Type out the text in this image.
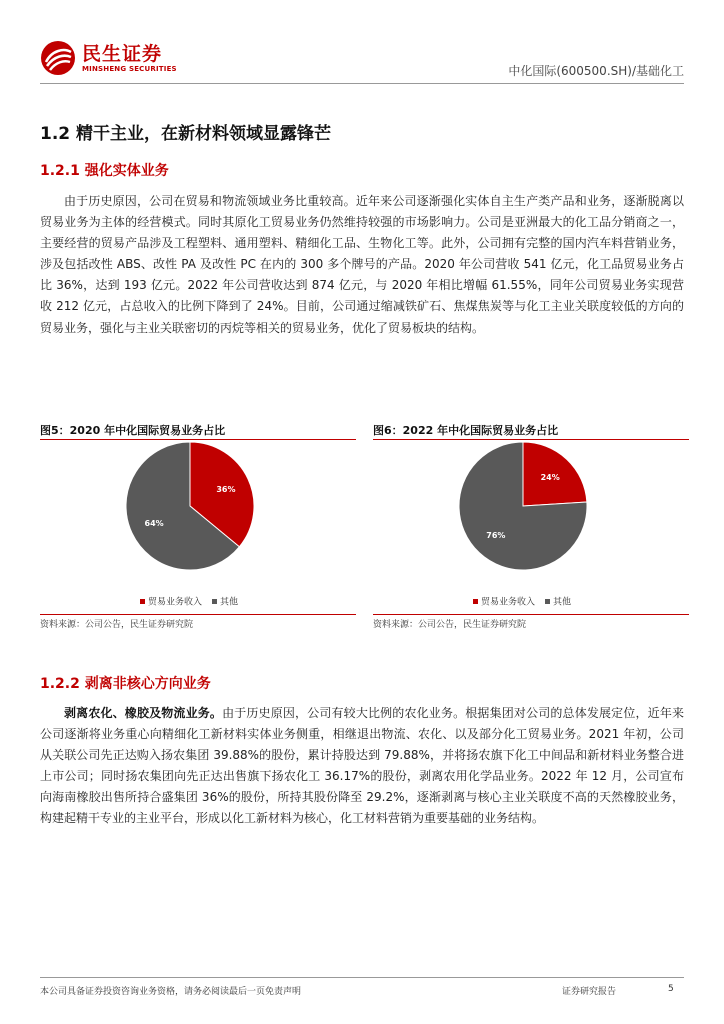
民生证券
MINSHENG SECURITIES	中化国际(600500.SH)/基础化工
1.2 精干主业，在新材料领域显露锋芒
1.2.1 强化实体业务
由于历史原因，公司在贸易和物流领域业务比重较高。近年来公司逐渐强化实体自主生产类产品和业务，逐渐脱离以贸易业务为主体的经营模式。同时其原化工贸易业务仍然维持较强的市场影响力。公司是亚洲最大的化工品分销商之一，主要经营的贸易产品涉及工程塑料、通用塑料、精细化工品、生物化工等。此外，公司拥有完整的国内汽车料营销业务，涉及包括改性 ABS、改性 PA 及改性 PC 在内的 300 多个牌号的产品。2020 年公司营收 541 亿元，化工品贸易业务占比 36%，达到 193 亿元。2022 年公司营收达到 874 亿元，与 2020 年相比增幅 61.55%，同年公司贸易业务实现营收 212 亿元，占总收入的比例下降到了 24%。目前，公司通过缩减铁矿石、焦煤焦炭等与化工主业关联度较低的方向的贸易业务，强化与主业关联密切的丙烷等相关的贸易业务，优化了贸易板块的结构。
图5：2020 年中化国际贸易业务占比
36%
64%
贸易业务收入 其他
资料来源：公司公告，民生证券研究院
图6：2022 年中化国际贸易业务占比
24%
76%
贸易业务收入 其他
资料来源：公司公告，民生证券研究院
1.2.2 剥离非核心方向业务
剥离农化、橡胶及物流业务。由于历史原因，公司有较大比例的农化业务。根据集团对公司的总体发展定位，近年来公司逐渐将业务重心向精细化工新材料实体业务侧重，相继退出物流、农化、以及部分化工贸易业务。2021 年初，公司从关联公司先正达购入扬农集团 39.88%的股份，累计持股达到 79.88%，并将扬农旗下化工中间品和新材料业务整合进上市公司；同时扬农集团向先正达出售旗下扬农化工 36.17%的股份，剥离农用化学品业务。2022 年 12 月，公司宣布向海南橡胶出售所持合盛集团 36%的股份，所持其股份降至 29.2%，逐渐剥离与核心主业关联度不高的天然橡胶业务，构建起精干专业的主业平台，形成以化工新材料为核心，化工材料营销为重要基础的业务结构。
本公司具备证券投资咨询业务资格，请务必阅读最后一页免责声明	证券研究报告	5
